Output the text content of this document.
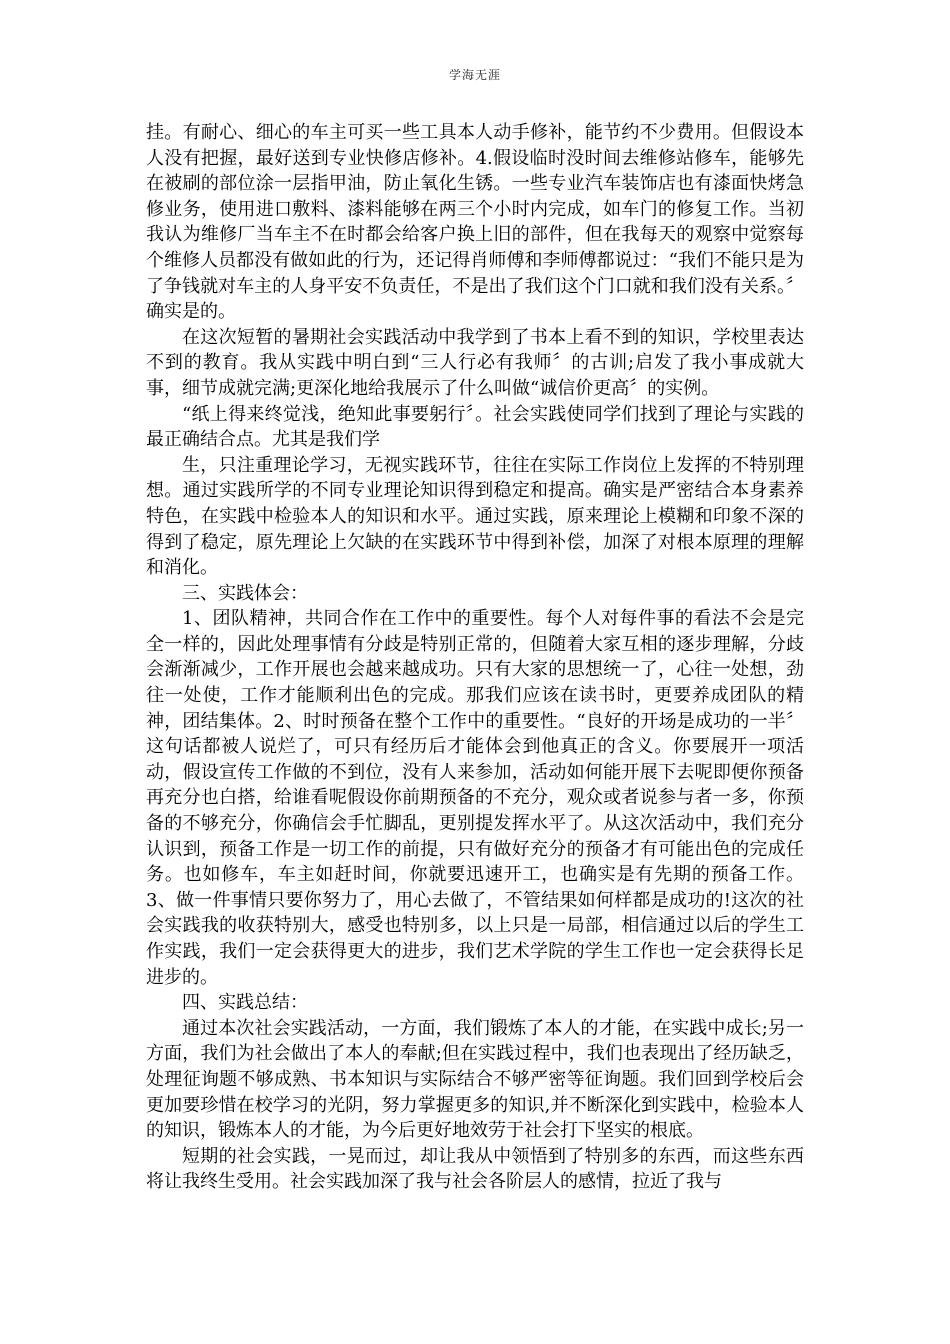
学海无涯

挂。有耐心、细心的车主可买一些工具本人动手修补，能节约不少费用。但假设本人没有把握，最好送到专业快修店修补。4.假设临时没时间去维修站修车，能够先在被刷的部位涂一层指甲油，防止氧化生锈。一些专业汽车装饰店也有漆面快烤急修业务，使用进口敷料、漆料能够在两三个小时内完成，如车门的修复工作。当初我认为维修厂当车主不在时都会给客户换上旧的部件，但在我每天的观察中觉察每个维修人员都没有做如此的行为，还记得肖师傅和李师傅都说过：“我们不能只是为了争钱就对车主的人身平安不负责任，不是出了我们这个门口就和我们没有关系。〞确实是的。

在这次短暂的暑期社会实践活动中我学到了书本上看不到的知识，学校里表达不到的教育。我从实践中明白到“三人行必有我师〞的古训;启发了我小事成就大事，细节成就完满;更深化地给我展示了什么叫做“诚信价更高〞的实例。

“纸上得来终觉浅，绝知此事要躬行〞。社会实践使同学们找到了理论与实践的最正确结合点。尤其是我们学

生，只注重理论学习，无视实践环节，往往在实际工作岗位上发挥的不特别理想。通过实践所学的不同专业理论知识得到稳定和提高。确实是严密结合本身素养特色，在实践中检验本人的知识和水平。通过实践，原来理论上模糊和印象不深的得到了稳定，原先理论上欠缺的在实践环节中得到补偿，加深了对根本原理的理解和消化。

三、实践体会：

1、团队精神，共同合作在工作中的重要性。每个人对每件事的看法不会是完全一样的，因此处理事情有分歧是特别正常的，但随着大家互相的逐步理解，分歧会渐渐减少，工作开展也会越来越成功。只有大家的思想统一了，心往一处想，劲往一处使，工作才能顺利出色的完成。那我们应该在读书时，更要养成团队的精神，团结集体。2、时时预备在整个工作中的重要性。“良好的开场是成功的一半〞这句话都被人说烂了，可只有经历后才能体会到他真正的含义。你要展开一项活动，假设宣传工作做的不到位，没有人来参加，活动如何能开展下去呢即便你预备再充分也白搭，给谁看呢假设你前期预备的不充分，观众或者说参与者一多，你预备的不够充分，你确信会手忙脚乱，更别提发挥水平了。从这次活动中，我们充分认识到，预备工作是一切工作的前提，只有做好充分的预备才有可能出色的完成任务。也如修车，车主如赶时间，你就要迅速开工，也确实是有先期的预备工作。3、做一件事情只要你努力了，用心去做了，不管结果如何样都是成功的!这次的社会实践我的收获特别大，感受也特别多，以上只是一局部，相信通过以后的学生工作实践，我们一定会获得更大的进步，我们艺术学院的学生工作也一定会获得长足进步的。

四、实践总结：

通过本次社会实践活动，一方面，我们锻炼了本人的才能，在实践中成长;另一方面，我们为社会做出了本人的奉献;但在实践过程中，我们也表现出了经历缺乏，处理征询题不够成熟、书本知识与实际结合不够严密等征询题。我们回到学校后会更加要珍惜在校学习的光阴，努力掌握更多的知识,并不断深化到实践中，检验本人的知识，锻炼本人的才能，为今后更好地效劳于社会打下坚实的根底。

短期的社会实践，一晃而过，却让我从中领悟到了特别多的东西，而这些东西将让我终生受用。社会实践加深了我与社会各阶层人的感情，拉近了我与
